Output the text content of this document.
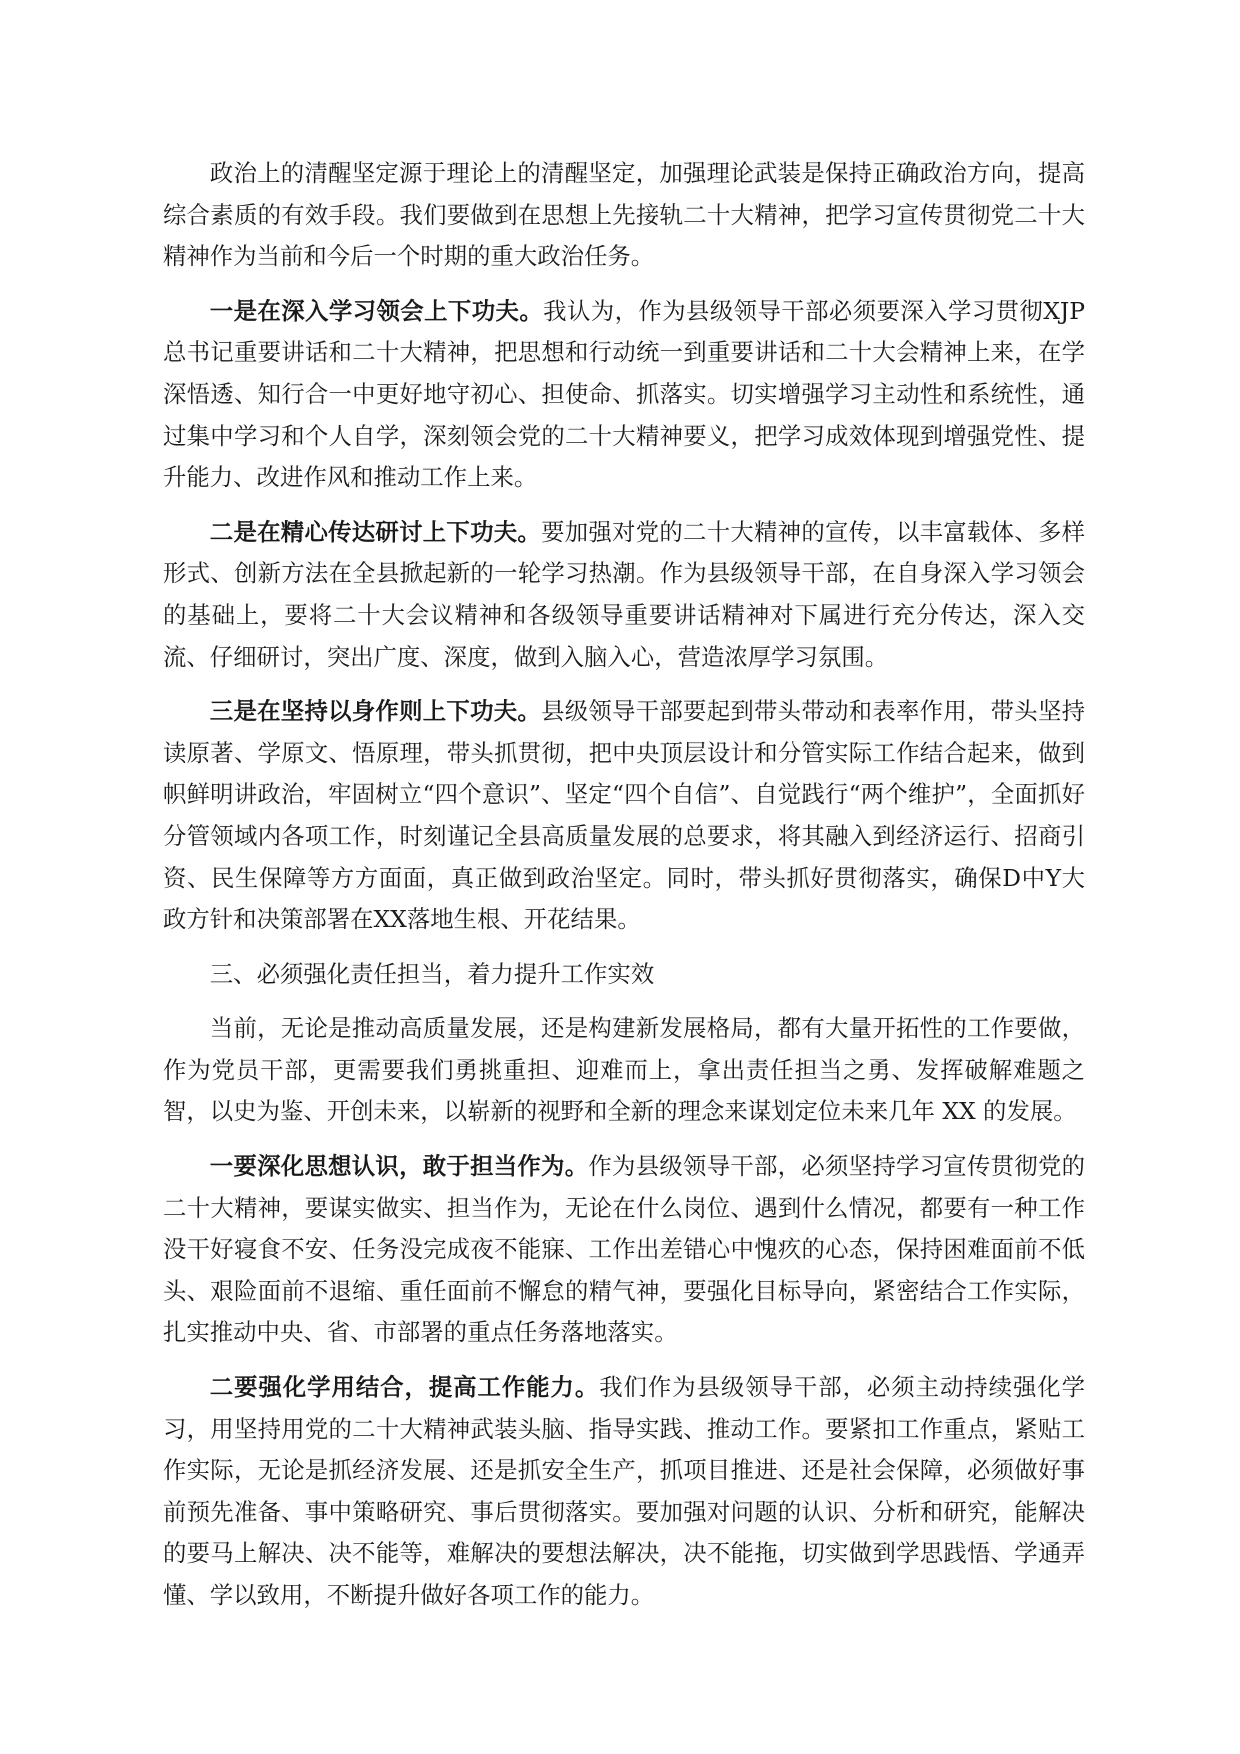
政治上的清醒坚定源于理论上的清醒坚定，加强理论武装是保持正确政治方向，提高综合素质的有效手段。我们要做到在思想上先接轨二十大精神，把学习宣传贯彻党二十大精神作为当前和今后一个时期的重大政治任务。

一是在深入学习领会上下功夫。我认为，作为县级领导干部必须要深入学习贯彻XJP总书记重要讲话和二十大精神，把思想和行动统一到重要讲话和二十大会精神上来，在学深悟透、知行合一中更好地守初心、担使命、抓落实。切实增强学习主动性和系统性，通过集中学习和个人自学，深刻领会党的二十大精神要义，把学习成效体现到增强党性、提升能力、改进作风和推动工作上来。

二是在精心传达研讨上下功夫。要加强对党的二十大精神的宣传，以丰富载体、多样形式、创新方法在全县掀起新的一轮学习热潮。作为县级领导干部，在自身深入学习领会的基础上，要将二十大会议精神和各级领导重要讲话精神对下属进行充分传达，深入交流、仔细研讨，突出广度、深度，做到入脑入心，营造浓厚学习氛围。

三是在坚持以身作则上下功夫。县级领导干部要起到带头带动和表率作用，带头坚持读原著、学原文、悟原理，带头抓贯彻，把中央顶层设计和分管实际工作结合起来，做到帜鲜明讲政治，牢固树立“四个意识”、坚定“四个自信”、自觉践行“两个维护”，全面抓好分管领域内各项工作，时刻谨记全县高质量发展的总要求，将其融入到经济运行、招商引资、民生保障等方方面面，真正做到政治坚定。同时，带头抓好贯彻落实，确保D中Y大政方针和决策部署在XX落地生根、开花结果。

三、必须强化责任担当，着力提升工作实效

当前，无论是推动高质量发展，还是构建新发展格局，都有大量开拓性的工作要做，作为党员干部，更需要我们勇挑重担、迎难而上，拿出责任担当之勇、发挥破解难题之智，以史为鉴、开创未来，以崭新的视野和全新的理念来谋划定位未来几年 XX 的发展。

一要深化思想认识，敢于担当作为。作为县级领导干部，必须坚持学习宣传贯彻党的二十大精神，要谋实做实、担当作为，无论在什么岗位、遇到什么情况，都要有一种工作没干好寝食不安、任务没完成夜不能寐、工作出差错心中愧疚的心态，保持困难面前不低头、艰险面前不退缩、重任面前不懈怠的精气神，要强化目标导向，紧密结合工作实际，扎实推动中央、省、市部署的重点任务落地落实。

二要强化学用结合，提高工作能力。我们作为县级领导干部，必须主动持续强化学习，用坚持用党的二十大精神武装头脑、指导实践、推动工作。要紧扣工作重点，紧贴工作实际，无论是抓经济发展、还是抓安全生产，抓项目推进、还是社会保障，必须做好事前预先准备、事中策略研究、事后贯彻落实。要加强对问题的认识、分析和研究，能解决的要马上解决、决不能等，难解决的要想法解决，决不能拖，切实做到学思践悟、学通弄懂、学以致用，不断提升做好各项工作的能力。
